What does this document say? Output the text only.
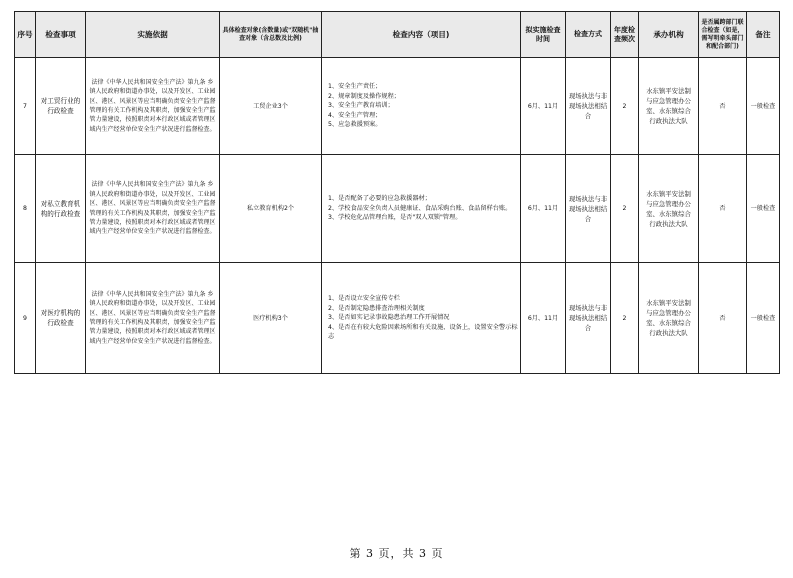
序号	检查事项	实施依据	具体检查对象(含数量)或"双随机"抽查对象（含总数及比例)	检查内容（项目)	拟实施检查时间	检查方式	年度检查频次	承办机构	是否属跨部门联合检查（如是，需写明牵头部门和配合部门)	备注
7	对工贸行业的行政检查	法律《中华人民共和国安全生产法》第九条 乡镇人民政府和街道办事处，以及开发区、工业园区、港区、风景区等应当明确负责安全生产监督管理的有关工作机构及其职责，加强安全生产监管力量建设，按照职责对本行政区域或者管理区域内生产经营单位安全生产状况进行监督检查。	工贸企业3个	1、安全生产责任；
2、规章制度及操作规程；
3、安全生产教育培训；
4、安全生产管理；
5、应急救援预案。	6月、11月	现场执法与非现场执法相结合	2	水东镇平安法制与应急管理办公室、水东镇综合行政执法大队	否	一般检查
8	对私立教育机构的行政检查	法律《中华人民共和国安全生产法》第九条 乡镇人民政府和街道办事处，以及开发区、工业园区、港区、风景区等应当明确负责安全生产监督管理的有关工作机构及其职责，加强安全生产监管力量建设，按照职责对本行政区域或者管理区域内生产经营单位安全生产状况进行监督检查。	私立教育机构2个	1、是否配备了必要的应急救援器材；
2、学校食品安全负责人员健康证、食品采购台账、食品留样台账。
3、学校危化品管理台账，是否"双人双锁"管理。	6月、11月	现场执法与非现场执法相结合	2	水东镇平安法制与应急管理办公室、水东镇综合行政执法大队	否	一般检查
9	对医疗机构的行政检查	法律《中华人民共和国安全生产法》第九条 乡镇人民政府和街道办事处，以及开发区、工业园区、港区、风景区等应当明确负责安全生产监督管理的有关工作机构及其职责，加强安全生产监管力量建设，按照职责对本行政区域或者管理区域内生产经营单位安全生产状况进行监督检查。	医疗机构3个	1、是否设立安全宣传专栏
2、是否制定隐患排查治理相关制度
3、是否如实记录事故隐患治理工作开展情况
4、是否在有较大危险因素场所和有关设施、设备上，设置安全警示标志	6月、11月	现场执法与非现场执法相结合	2	水东镇平安法制与应急管理办公室、水东镇综合行政执法大队	否	一般检查
第 3 页，共 3 页
